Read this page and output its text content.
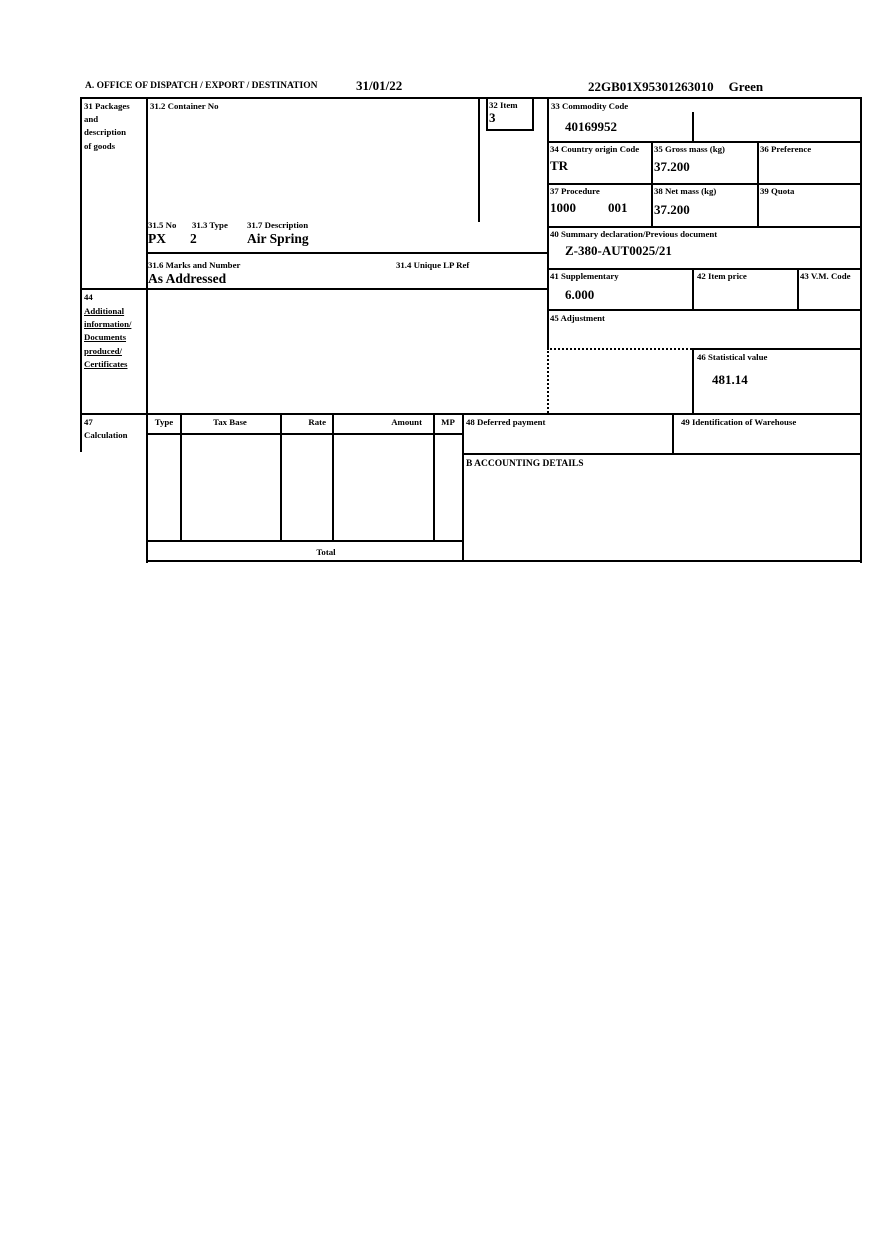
A. OFFICE OF DISPATCH / EXPORT / DESTINATION	31/01/22	22GB01X95301263010 Green
31 Packages
and
description
of goods
44
Additional
information/
Documents
produced/
Certificates
47
Calculation
31.2 Container No
31.5 No 31.3 Type 31.7 Description
PX 2	Air Spring
31.6 Marks and Number	31.4 Unique LP Ref
As Addressed
32 Item
3
33 Commodity Code
40169952
34 Country origin Code
TR
35 Gross mass (kg)
37.200
36 Preference
37 Procedure
1000 001
38 Net mass (kg)
37.200
39 Quota
40 Summary declaration/Previous document
Z-380-AUT0025/21
41 Supplementary
6.000
42 Item price	43 V.M. Code
45 Adjustment
46 Statistical value
481.14
Type	Tax Base	Rate	Amount	MP
Total
48 Deferred payment	49 Identification of Warehouse
B ACCOUNTING DETAILS
